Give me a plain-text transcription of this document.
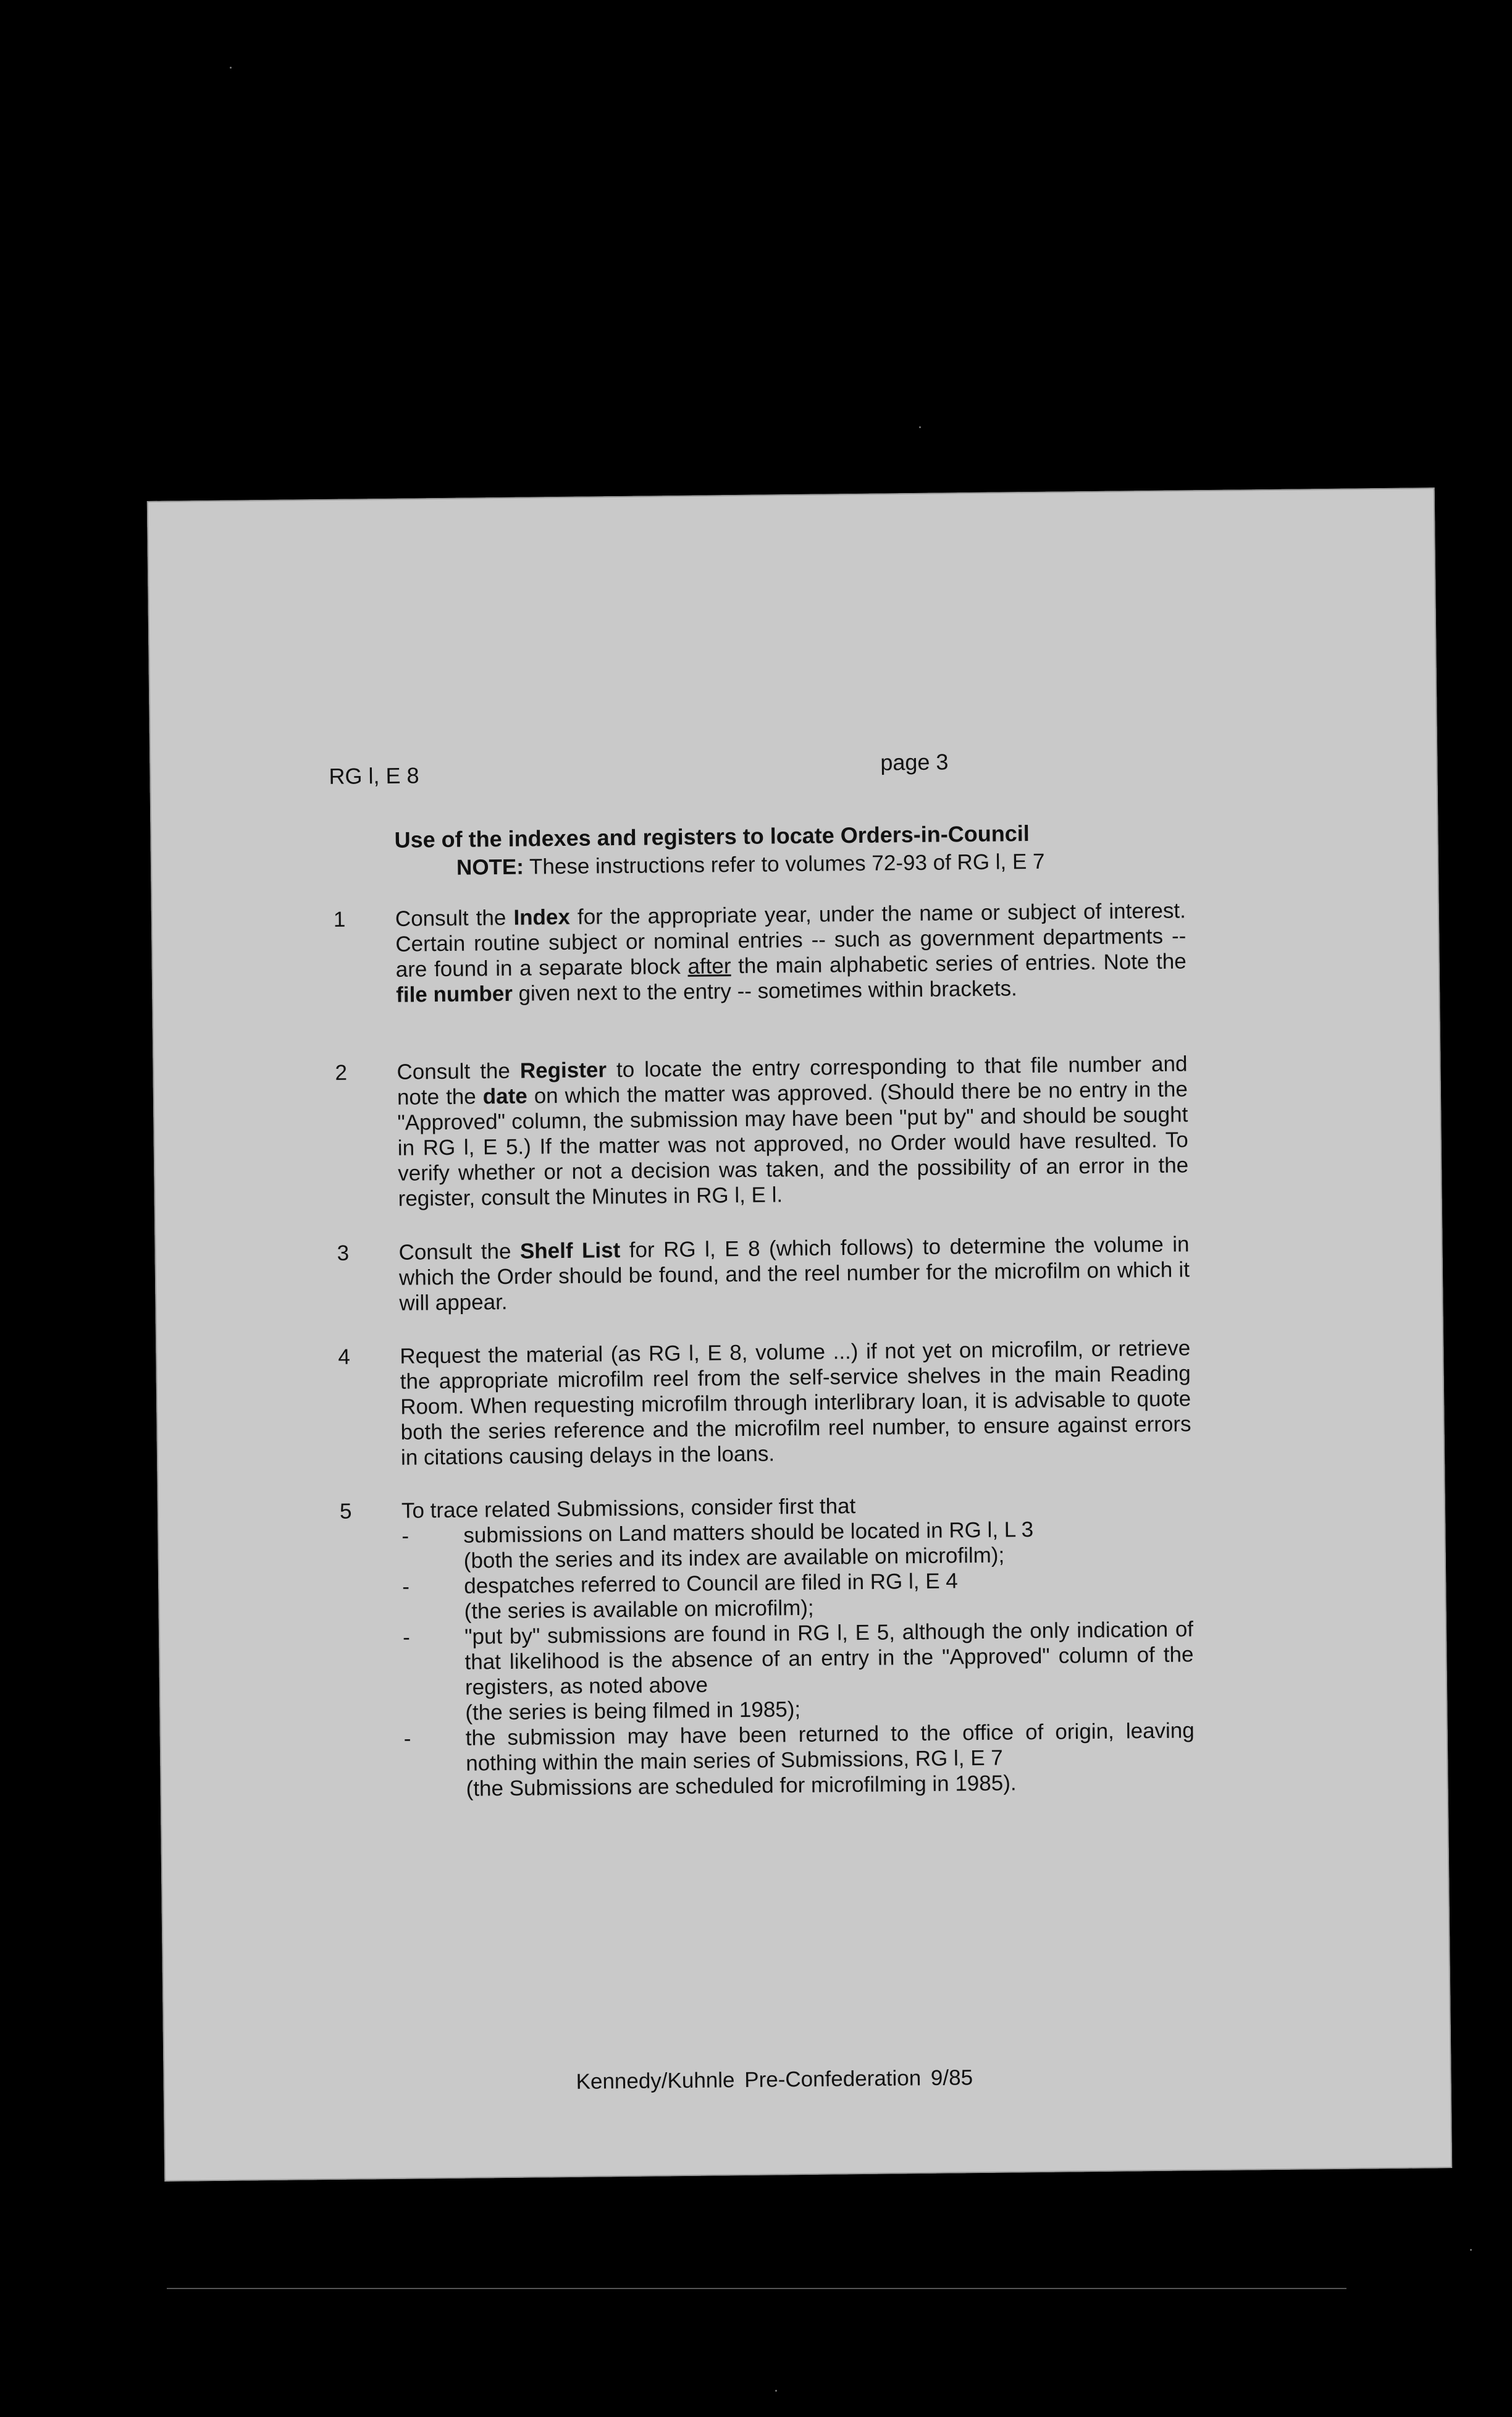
RG l, E 8
page 3
Use of the indexes and registers to locate Orders-in-Council
NOTE: These instructions refer to volumes 72-93 of RG l, E 7
1	Consult the Index for the appropriate year, under the name or subject of interest. Certain routine subject or nominal entries -- such as government departments -- are found in a separate block after the main alphabetic series of entries. Note the file number given next to the entry -- sometimes within brackets.
2	Consult the Register to locate the entry corresponding to that file number and note the date on which the matter was approved. (Should there be no entry in the "Approved" column, the submission may have been "put by" and should be sought in RG l, E 5.) If the matter was not approved, no Order would have resulted. To verify whether or not a decision was taken, and the possibility of an error in the register, consult the Minutes in RG l, E l.
3	Consult the Shelf List for RG l, E 8 (which follows) to determine the volume in which the Order should be found, and the reel number for the microfilm on which it will appear.
4	Request the material (as RG l, E 8, volume ...) if not yet on microfilm, or retrieve the appropriate microfilm reel from the self-service shelves in the main Reading Room. When requesting microfilm through interlibrary loan, it is advisable to quote both the series reference and the microfilm reel number, to ensure against errors in citations causing delays in the loans.
5	To trace related Submissions, consider first that
-	submissions on Land matters should be located in RG l, L 3
(both the series and its index are available on microfilm);
-	despatches referred to Council are filed in RG l, E 4
(the series is available on microfilm);
-	"put by" submissions are found in RG l, E 5, although the only indication of that likelihood is the absence of an entry in the "Approved" column of the registers, as noted above
(the series is being filmed in 1985);
-	the submission may have been returned to the office of origin, leaving nothing within the main series of Submissions, RG l, E 7
(the Submissions are scheduled for microfilming in 1985).
Kennedy/Kuhnle Pre-Confederation 9/85
